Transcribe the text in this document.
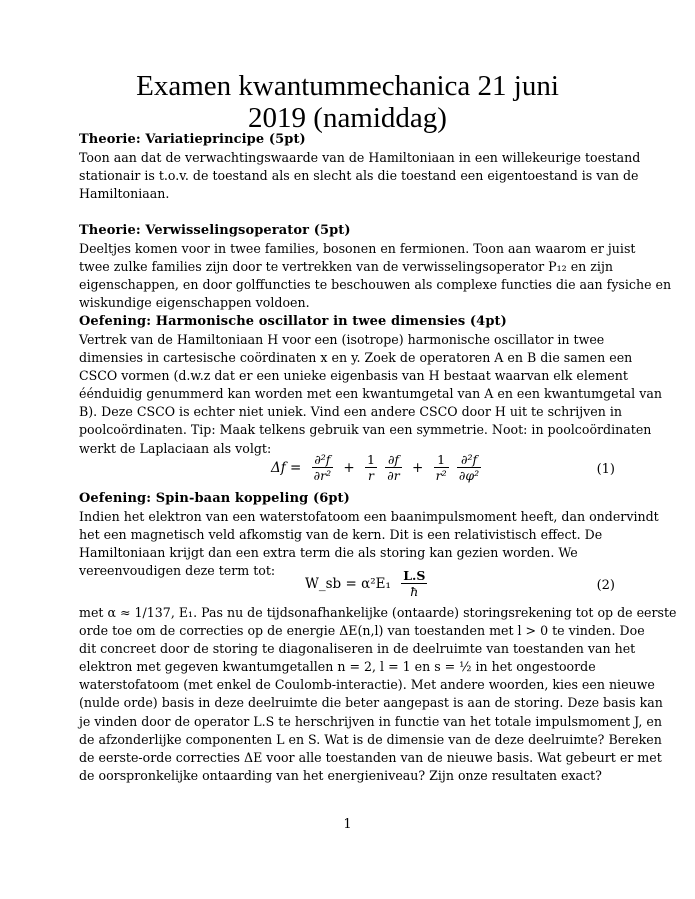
Examen kwantummechanica 21 juni
2019 (namiddag)
Theorie: Variatieprincipe (5pt)
Toon aan dat de verwachtingswaarde van de Hamiltoniaan in een willekeurige toestand
stationair is t.o.v. de toestand als en slecht als die toestand een eigentoestand is van de
Hamiltoniaan.
Theorie: Verwisselingsoperator (5pt)
Deeltjes komen voor in twee families, bosonen en fermionen. Toon aan waarom er juist
twee zulke families zijn door te vertrekken van de verwisselingsoperator P₁₂ en zijn
eigenschappen, en door golffuncties te beschouwen als complexe functies die aan fysiche en
wiskundige eigenschappen voldoen.
Oefening: Harmonische oscillator in twee dimensies (4pt)
Vertrek van de Hamiltoniaan H voor een (isotrope) harmonische oscillator in twee
dimensies in cartesische coördinaten x en y. Zoek de operatoren A en B die samen een
CSCO vormen (d.w.z dat er een unieke eigenbasis van H bestaat waarvan elk element
éénduidig genummerd kan worden met een kwantumgetal van A en een kwantumgetal van
B). Deze CSCO is echter niet uniek. Vind een andere CSCO door H uit te schrijven in
poolcoördinaten. Tip: Maak telkens gebruik van een symmetrie. Noot: in poolcoördinaten
werkt de Laplaciaan als volgt:
$\Delta f = \frac{\text{∂²f}}{\text{∂r²}} + \frac{1}{r}$
$\frac{\partial f}{\partial r} + \frac{1}{\text{r²}}$
$\frac{\text{∂²f}}{\text{∂φ²}}$	(1)
Oefening: Spin-baan koppeling (6pt)
Indien het elektron van een waterstofatoom een baanimpulsmoment heeft, dan ondervindt
het een magnetisch veld afkomstig van de kern. Dit is een relativistisch effect. De
Hamiltoniaan krijgt dan een extra term die als storing kan gezien worden. We
vereenvoudigen deze term tot:
W_sb = $\alpha^2E_1 \frac{L.S}{ħ}$	(2)
met α ≈ 1/137, E₁. Pas nu de tijdsonafhankelijke (ontaarde) storingsrekening tot op de eerste
orde toe om de correcties op de energie ΔE(n,l) van toestanden met l > 0 te vinden. Doe
dit concreet door de storing te diagonaliseren in de deelruimte van toestanden van het
elektron met gegeven kwantumgetallen n = 2, l = 1 en s = ½ in het ongestoorde
waterstofatoom (met enkel de Coulomb-interactie). Met andere woorden, kies een nieuwe
(nulde orde) basis in deze deelruimte die beter aangepast is aan de storing. Deze basis kan
je vinden door de operator L.S te herschrijven in functie van het totale impulsmoment J, en
de afzonderlijke componenten L en S. Wat is de dimensie van de deze deelruimte? Bereken
de eerste-orde correcties ΔE voor alle toestanden van de nieuwe basis. Wat gebeurt er met
de oorspronkelijke ontaarding van het energieniveau? Zijn onze resultaten exact?
1
